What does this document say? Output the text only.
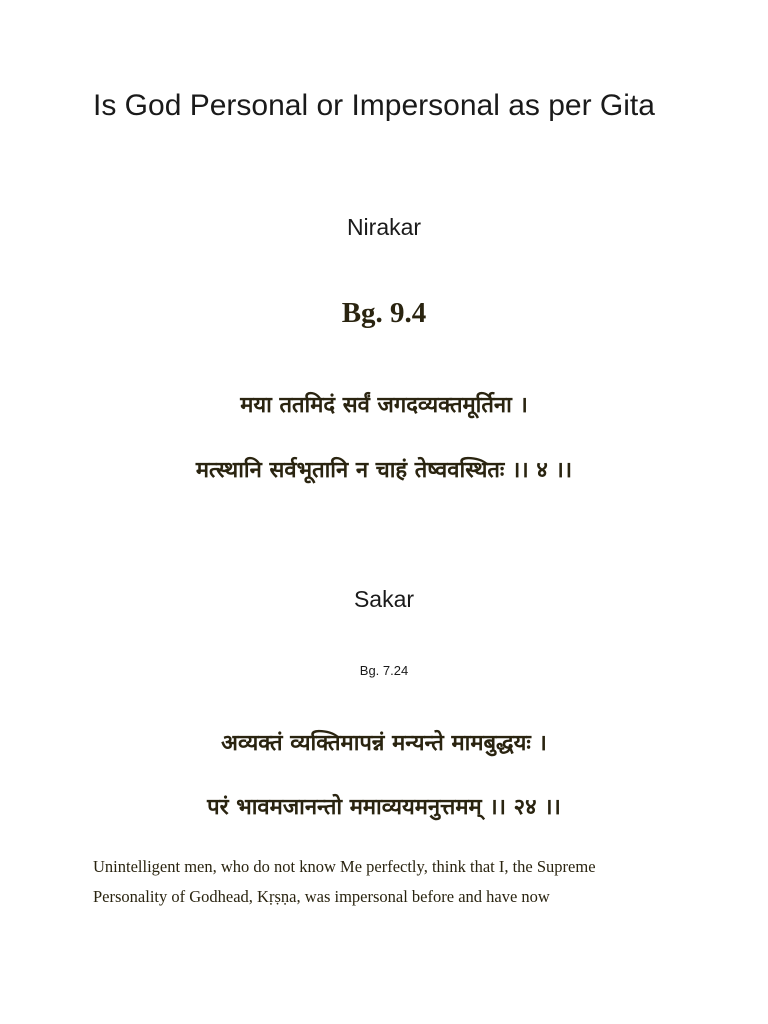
Is God Personal or Impersonal as per Gita

Nirakar

Bg. 9.4

मया ततमिदं सर्वं जगदव्यक्तमूर्तिना ।

मत्स्थानि सर्वभूतानि न चाहं तेष्ववस्थितः ।। ४ ।।

Sakar

Bg. 7.24

अव्यक्तं व्यक्तिमापन्नं मन्यन्ते मामबुद्धयः ।

परं भावमजानन्तो ममाव्ययमनुत्तमम् ।। २४ ।।

Unintelligent men, who do not know Me perfectly, think that I, the Supreme
Personality of Godhead, Kṛṣṇa, was impersonal before and have now
